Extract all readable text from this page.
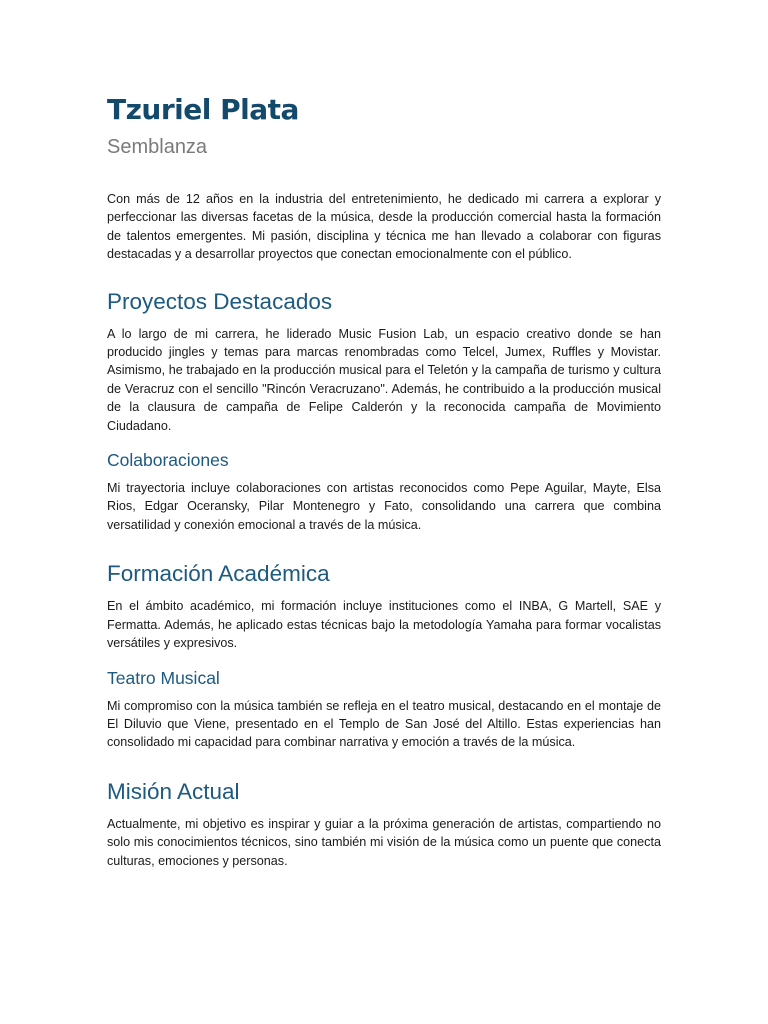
Tzuriel Plata
Semblanza

Con más de 12 años en la industria del entretenimiento, he dedicado mi carrera a explorar y perfeccionar las diversas facetas de la música, desde la producción comercial hasta la formación de talentos emergentes. Mi pasión, disciplina y técnica me han llevado a colaborar con figuras destacadas y a desarrollar proyectos que conectan emocionalmente con el público.

Proyectos Destacados

A lo largo de mi carrera, he liderado Music Fusion Lab, un espacio creativo donde se han producido jingles y temas para marcas renombradas como Telcel, Jumex, Ruffles y Movistar. Asimismo, he trabajado en la producción musical para el Teletón y la campaña de turismo y cultura de Veracruz con el sencillo "Rincón Veracruzano". Además, he contribuido a la producción musical de la clausura de campaña de Felipe Calderón y la reconocida campaña de Movimiento Ciudadano.

Colaboraciones

Mi trayectoria incluye colaboraciones con artistas reconocidos como Pepe Aguilar, Mayte, Elsa Rios, Edgar Oceransky, Pilar Montenegro y Fato, consolidando una carrera que combina versatilidad y conexión emocional a través de la música.

Formación Académica

En el ámbito académico, mi formación incluye instituciones como el INBA, G Martell, SAE y Fermatta. Además, he aplicado estas técnicas bajo la metodología Yamaha para formar vocalistas versátiles y expresivos.

Teatro Musical

Mi compromiso con la música también se refleja en el teatro musical, destacando en el montaje de El Diluvio que Viene, presentado en el Templo de San José del Altillo. Estas experiencias han consolidado mi capacidad para combinar narrativa y emoción a través de la música.

Misión Actual

Actualmente, mi objetivo es inspirar y guiar a la próxima generación de artistas, compartiendo no solo mis conocimientos técnicos, sino también mi visión de la música como un puente que conecta culturas, emociones y personas.
